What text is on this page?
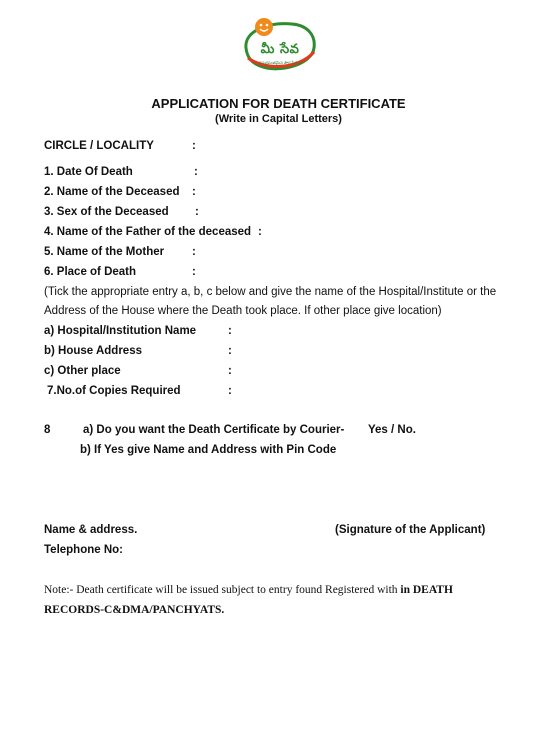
మీ సేవ
సమర్థవంతమైన పౌర సేవలు
APPLICATION FOR DEATH CERTIFICATE
(Write in Capital Letters)
CIRCLE / LOCALITY	:
1. Date Of Death	:
2. Name of the Deceased :
3. Sex of the Deceased :
4. Name of the Father of the deceased :
5. Name of the Mother :
6. Place of Death	:
(Tick the appropriate entry a, b, c below and give the name of the Hospital/Institute or the
Address of the House where the Death took place. If other place give location)
a) Hospital/Institution Name	:
b) House Address	:
c) Other place	:
7.No.of Copies Required	:
8	a) Do you want the Death Certificate by Courier- Yes / No.
b) If Yes give Name and Address with Pin Code
Name & address.	(Signature of the Applicant)
Telephone No:
Note:- Death certificate will be issued subject to entry found Registered with in DEATH
RECORDS-C&DMA/PANCHYATS.
